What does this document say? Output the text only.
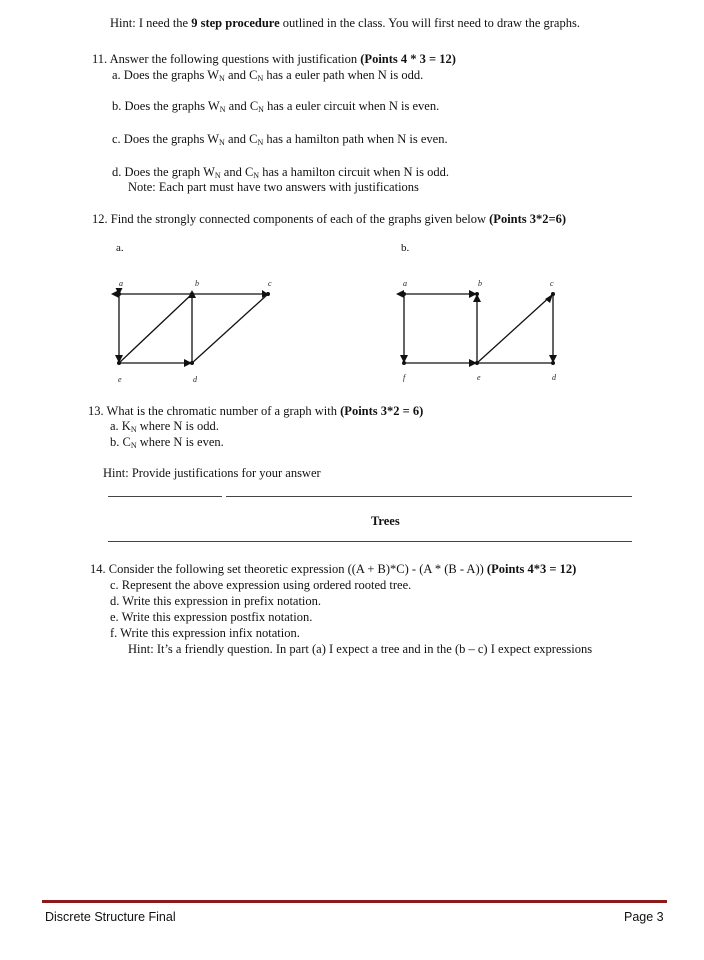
Hint: I need the 9 step procedure outlined in the class. You will first need to draw the graphs.
11. Answer the following questions with justification (Points 4 * 3 = 12)
a. Does the graphs $W_N$ and $C_N$ has a euler path when N is odd.
b. Does the graphs $W_N$ and $C_N$ has a euler circuit when N is even.
c. Does the graphs $W_N$ and $C_N$ has a hamilton path when N is even.
d. Does the graph $W_N$ and $C_N$ has a hamilton circuit when N is odd.
Note: Each part must have two answers with justifications
12. Find the strongly connected components of each of the graphs given below (Points 3*2=6)
a.	b.
a	b	c
d
e
a	b	c
d
e
f
13. What is the chromatic number of a graph with (Points 3*2 = 6)
a. $K_N$ where N is odd.
b. $C_N$ where N is even.
Hint: Provide justifications for your answer
Trees
14. Consider the following set theoretic expression ((A + B)*C) - (A * (B - A)) (Points 4*3 = 12)
c. Represent the above expression using ordered rooted tree.
d. Write this expression in prefix notation.
e. Write this expression postfix notation.
f. Write this expression infix notation.
Hint: It’s a friendly question. In part (a) I expect a tree and in the (b – c) I expect expressions
Discrete Structure Final	Page 3
